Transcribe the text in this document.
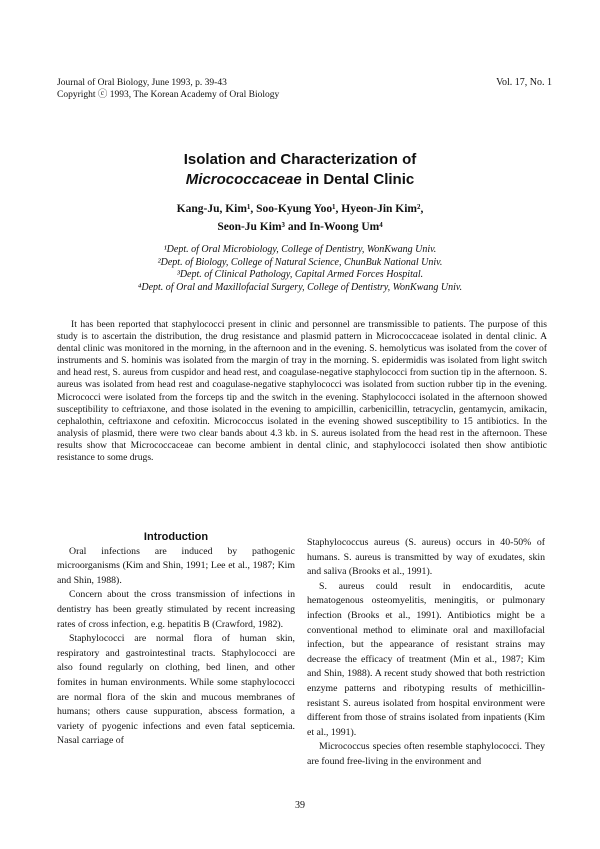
Journal of Oral Biology, June 1993, p. 39-43
Copyright ⓒ 1993, The Korean Academy of Oral Biology
Vol. 17, No. 1
Isolation and Characterization of
Micrococcaceae in Dental Clinic
Kang-Ju, Kim¹, Soo-Kyung Yoo¹, Hyeon-Jin Kim²,
Seon-Ju Kim³ and In-Woong Um⁴
¹Dept. of Oral Microbiology, College of Dentistry, WonKwang Univ.
²Dept. of Biology, College of Natural Science, ChunBuk National Univ.
³Dept. of Clinical Pathology, Capital Armed Forces Hospital.
⁴Dept. of Oral and Maxillofacial Surgery, College of Dentistry, WonKwang Univ.

It has been reported that staphylococci present in clinic and personnel are transmissible to patients. The purpose of this study is to ascertain the distribution, the drug resistance and plasmid pattern in Micrococcaceae isolated in dental clinic. A dental clinic was monitored in the morning, in the afternoon and in the evening. S. hemolyticus was isolated from the cover of instruments and S. hominis was isolated from the margin of tray in the morning. S. epidermidis was isolated from light switch and head rest, S. aureus from cuspidor and head rest, and coagulase-negative staphylococci from suction tip in the afternoon. S. aureus was isolated from head rest and coagulase-negative staphylococci was isolated from suction rubber tip in the evening. Micrococci were isolated from the forceps tip and the switch in the evening. Staphylococci isolated in the afternoon showed susceptibility to ceftriaxone, and those isolated in the evening to ampicillin, carbenicillin, tetracyclin, gentamycin, amikacin, cephalothin, ceftriaxone and cefoxitin. Micrococcus isolated in the evening showed susceptibility to 15 antibiotics. In the analysis of plasmid, there were two clear bands about 4.3 kb. in S. aureus isolated from the head rest in the afternoon. These results show that Micrococcaceae can become ambient in dental clinic, and staphylococci isolated then show antibiotic resistance to some drugs.

Introduction

Oral infections are induced by pathogenic microorganisms (Kim and Shin, 1991; Lee et al., 1987; Kim and Shin, 1988).

Concern about the cross transmission of infections in dentistry has been greatly stimulated by recent increasing rates of cross infection, e.g. hepatitis B (Crawford, 1982).

Staphylococci are normal flora of human skin, respiratory and gastrointestinal tracts. Staphylococci are also found regularly on clothing, bed linen, and other fomites in human environments. While some staphylococci are normal flora of the skin and mucous membranes of humans; others cause suppuration, abscess formation, a variety of pyogenic infections and even fatal septicemia. Nasal carriage of

Staphylococcus aureus (S. aureus) occurs in 40-50% of humans. S. aureus is transmitted by way of exudates, skin and saliva (Brooks et al., 1991).

S. aureus could result in endocarditis, acute hematogenous osteomyelitis, meningitis, or pulmonary infection (Brooks et al., 1991). Antibiotics might be a conventional method to eliminate oral and maxillofacial infection, but the appearance of resistant strains may decrease the efficacy of treatment (Min et al., 1987; Kim and Shin, 1988). A recent study showed that both restriction enzyme patterns and ribotyping results of methicillin-resistant S. aureus isolated from hospital environment were different from those of strains isolated from inpatients (Kim et al., 1991).

Micrococcus species often resemble staphylococci. They are found free-living in the environment and

39
